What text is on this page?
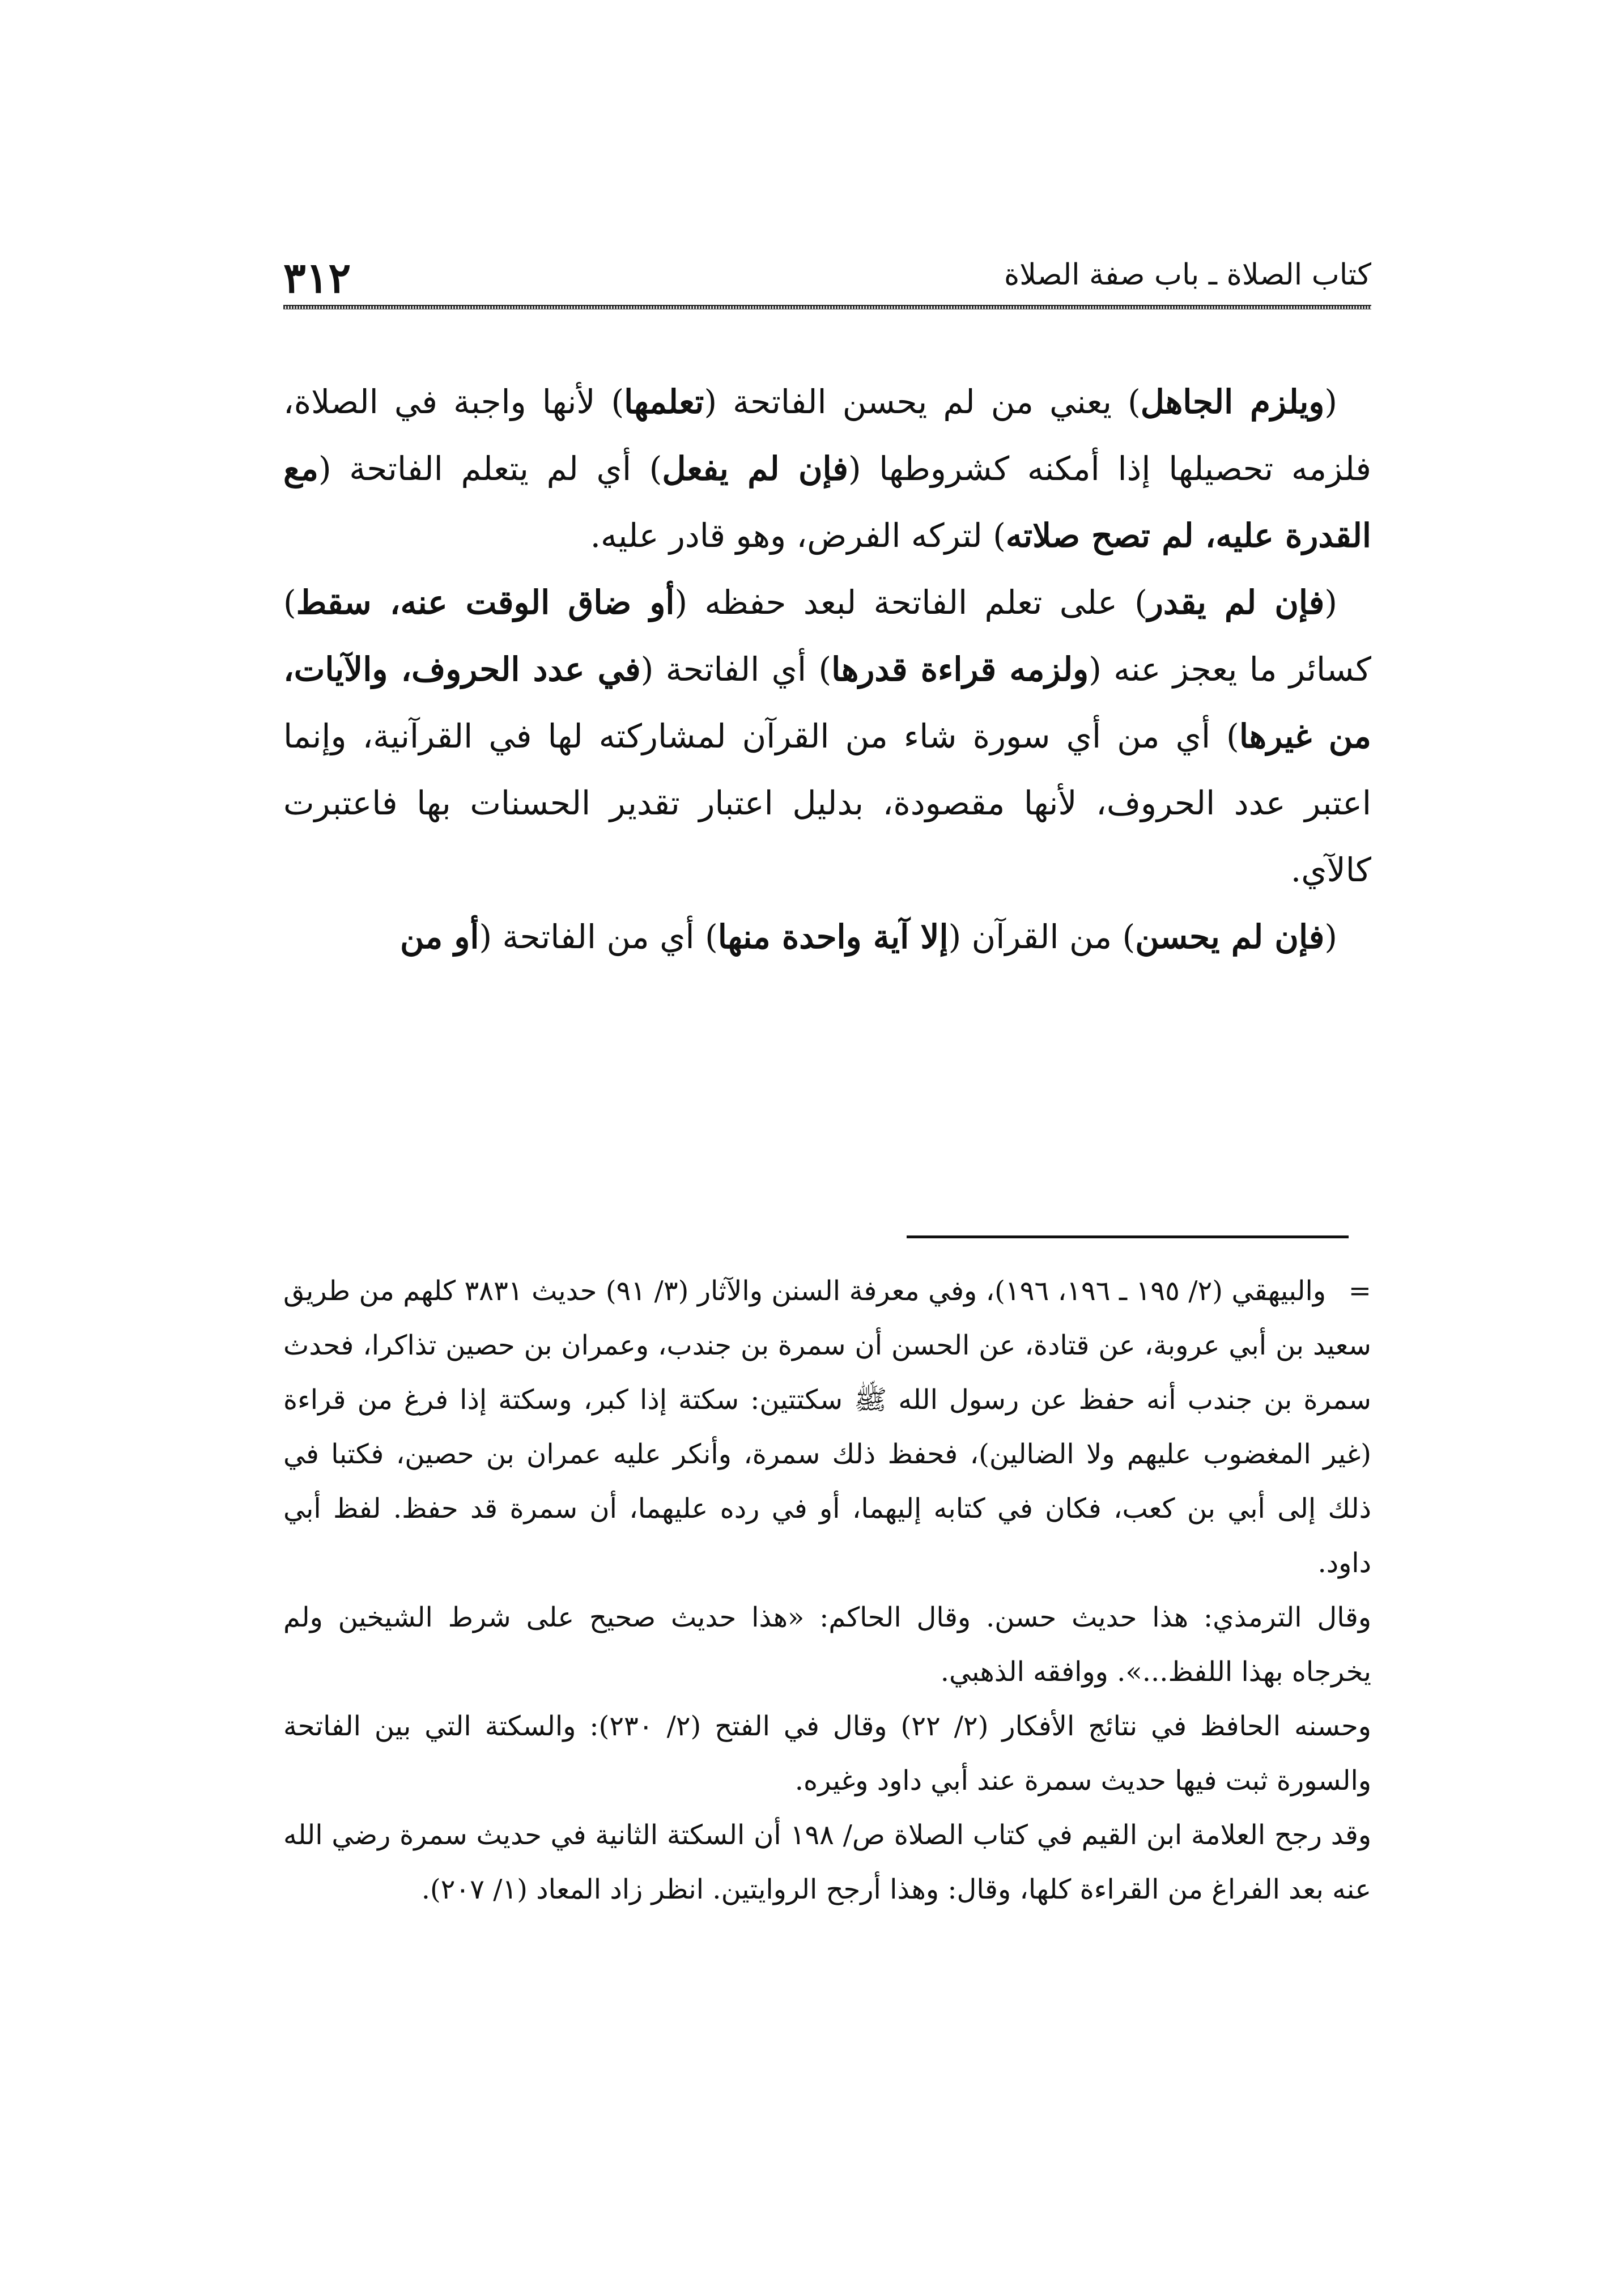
كتاب الصلاة ـ باب صفة الصلاة
٣١٢

(ويلزم الجاهل) يعني من لم يحسن الفاتحة (تعلمها) لأنها واجبة في الصلاة، فلزمه تحصيلها إذا أمكنه كشروطها (فإن لم يفعل) أي لم يتعلم الفاتحة (مع القدرة عليه، لم تصح صلاته) لتركه الفرض، وهو قادر عليه.

(فإن لم يقدر) على تعلم الفاتحة لبعد حفظه (أو ضاق الوقت عنه، سقط) كسائر ما يعجز عنه (ولزمه قراءة قدرها) أي الفاتحة (في عدد الحروف، والآيات، من غيرها) أي من أي سورة شاء من القرآن لمشاركته لها في القرآنية، وإنما اعتبر عدد الحروف، لأنها مقصودة، بدليل اعتبار تقدير الحسنات بها فاعتبرت كالآي.

(فإن لم يحسن) من القرآن (إلا آية واحدة منها) أي من الفاتحة (أو من

=والبيهقي (٢/ ١٩٥ ـ ١٩٦، ١٩٦)، وفي معرفة السنن والآثار (٣/ ٩١) حديث ٣٨٣١ كلهم من طريق سعيد بن أبي عروبة، عن قتادة، عن الحسن أن سمرة بن جندب، وعمران بن حصين تذاكرا، فحدث سمرة بن جندب أنه حفظ عن رسول الله ﷺ سكتتين: سكتة إذا كبر، وسكتة إذا فرغ من قراءة (غير المغضوب عليهم ولا الضالين)، فحفظ ذلك سمرة، وأنكر عليه عمران بن حصين، فكتبا في ذلك إلى أبي بن كعب، فكان في كتابه إليهما، أو في رده عليهما، أن سمرة قد حفظ. لفظ أبي داود.

وقال الترمذي: هذا حديث حسن. وقال الحاكم: «هذا حديث صحيح على شرط الشيخين ولم يخرجاه بهذا اللفظ...». ووافقه الذهبي.

وحسنه الحافظ في نتائج الأفكار (٢/ ٢٢) وقال في الفتح (٢/ ٢٣٠): والسكتة التي بين الفاتحة والسورة ثبت فيها حديث سمرة عند أبي داود وغيره.

وقد رجح العلامة ابن القيم في كتاب الصلاة ص/ ١٩٨ أن السكتة الثانية في حديث سمرة رضي الله عنه بعد الفراغ من القراءة كلها، وقال: وهذا أرجح الروايتين. انظر زاد المعاد (١/ ٢٠٧).
